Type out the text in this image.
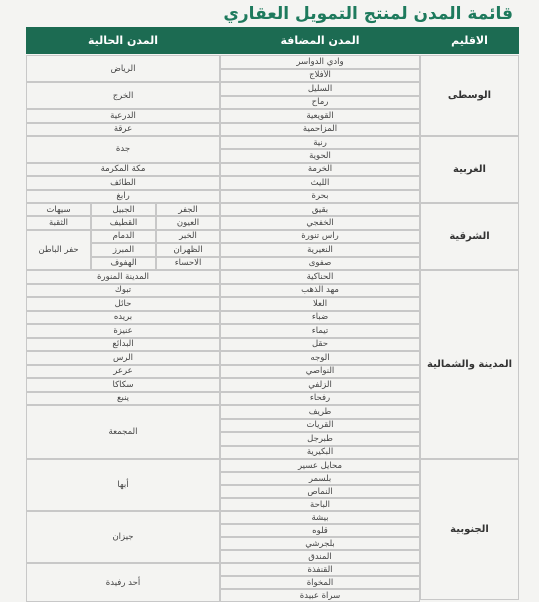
قائمة المدن لمنتج التمويل العقاري
الاقليم
المدن المضافة
المدن الحالية
الوسطى
الغربية
الشرقية
المدينة والشمالية
الجنوبية
وادي الدواسر
الأفلاج
السليل
رماح
القويعية
المزاحمية
رنية
الحوية
الخرمة
الليث
بحرة
بقيق
الخفجي
راس تنورة
النعيرية
صفوى
الحناكية
مهد الذهب
العلا
ضباء
تيماء
حقل
الوجه
النواصي
الزلفي
رفحاء
طريف
القريات
طبرجل
البكيرية
محايل عسير
بلسمر
النماص
الباحة
بيشة
قلوه
بلجرشي
المندق
القنفذة
المخواة
سراة عبيدة
الرياض
الخرج
الدرعية
عرقة
جدة
مكة المكرمة
الطائف
رابغ
الجفر
العيون
الخبر
الظهران
الاحساء
الجبيل
القطيف
الدمام
المبرز
الهفوف
سيهات
الثقبة
حفر الباطن
المدينة المنورة
تبوك
حائل
بريده
عنيزة
البدائع
الرس
عرعر
سكاكا
ينبع
المجمعة
أبها
جيزان
أحد رفيدة
